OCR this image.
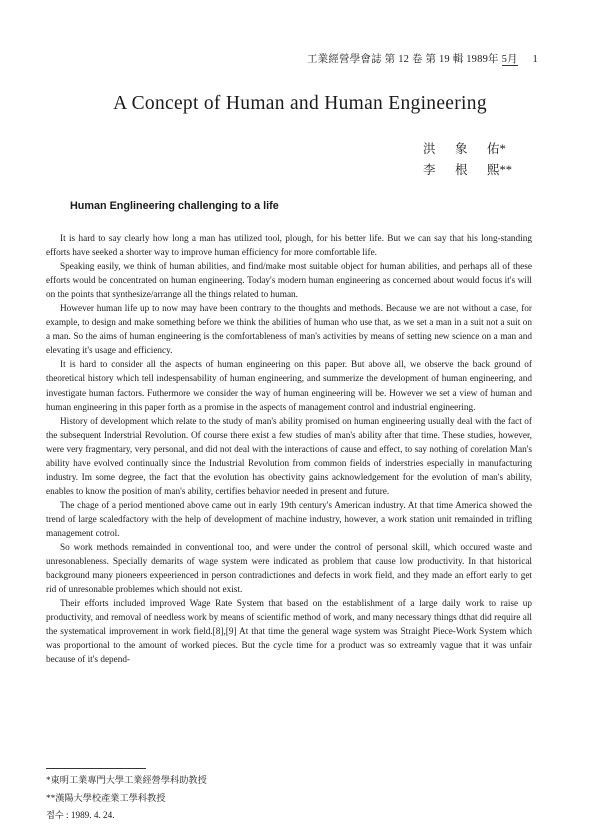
工業經營學會誌 第 12 卷 第 19 輯 1989年 5月 1
A Concept of Human and Human Engineering
洪	象	佑*
李	根	熙**
Human Englineering challenging to a life

It is hard to say clearly how long a man has utilized tool, plough, for his better life. But we can say that his long-standing efforts have seeked a shorter way to improve human efficiency for more comfortable life.

Speaking easily, we think of human abilities, and find/make most suitable object for human abilities, and perhaps all of these efforts would be concentrated on human engineering. Today's modern human engineering as concerned about would focus it's will on the points that synthesize/arrange all the things related to human.

However human life up to now may have been contrary to the thoughts and methods. Because we are not without a case, for example, to design and make something before we think the abilities of human who use that, as we set a man in a suit not a suit on a man. So the aims of human engineering is the comfortableness of man's activities by means of setting new science on a man and elevating it's usage and efficiency.

It is hard to consider all the aspects of human engineering on this paper. But above all, we observe the back ground of theoretical history which tell indespensability of human engineering, and summerize the development of human engineering, and investigate human factors. Futhermore we consider the way of human engineering will be. However we set a view of human and human engineering in this paper forth as a promise in the aspects of management control and industrial engineering.

History of development which relate to the study of man's ability promised on human engineering usually deal with the fact of the subsequent Inderstrial Revolution. Of course there exist a few studies of man's ability after that time. These studies, however, were very fragmentary, very personal, and did not deal with the interactions of cause and effect, to say nothing of corelation Man's ability have evolved continually since the Industrial Revolution from common fields of inderstries especially in manufacturing industry. Im some degree, the fact that the evolution has obectivity gains acknowledgement for the evolution of man's ability, enables to know the position of man's ability, certifies behavior needed in present and future.

The chage of a period mentioned above came out in early 19th century's American industry. At that time America showed the trend of large scaledfactory with the help of development of machine industry, however, a work station unit remainded in trifling management cotrol.

So work methods remainded in conventional too, and were under the control of personal skill, which occured waste and unresonableness. Specially demarits of wage system were indicated as problem that cause low productivity. In that historical background many pioneers expeerienced in person contradictiones and defects in work field, and they made an effort early to get rid of unresonable problemes which should not exist.

Their efforts included improved Wage Rate System that based on the establishment of a large daily work to raise up productivity, and removal of needless work by means of scientific method of work, and many necessary things dthat did require all the systematical improvement in work field.[8],[9] At that time the general wage system was Straight Piece-Work System which was proportional to the amount of worked pieces. But the cycle time for a product was so extreamly vague that it was unfair because of it's depend-

*東明工業專門大學工業經營學科助教授
**漢陽大學校產業工學科教授
접수 : 1989. 4. 24.
